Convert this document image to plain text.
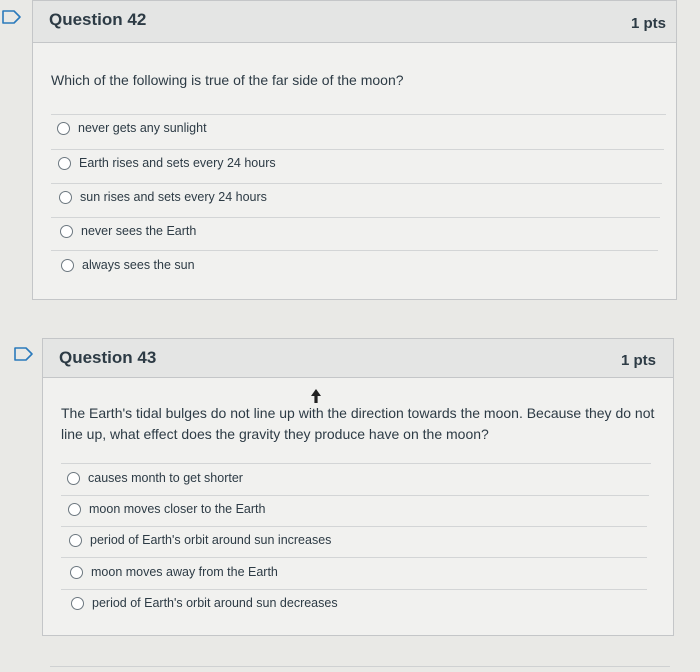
Question 42	1 pts
Which of the following is true of the far side of the moon?
never gets any sunlight
Earth rises and sets every 24 hours
sun rises and sets every 24 hours
never sees the Earth
always sees the sun
Question 43	1 pts
The Earth's tidal bulges do not line up with the direction towards the moon. Because they do not
line up, what effect does the gravity they produce have on the moon?
causes month to get shorter
moon moves closer to the Earth
period of Earth's orbit around sun increases
moon moves away from the Earth
period of Earth's orbit around sun decreases
